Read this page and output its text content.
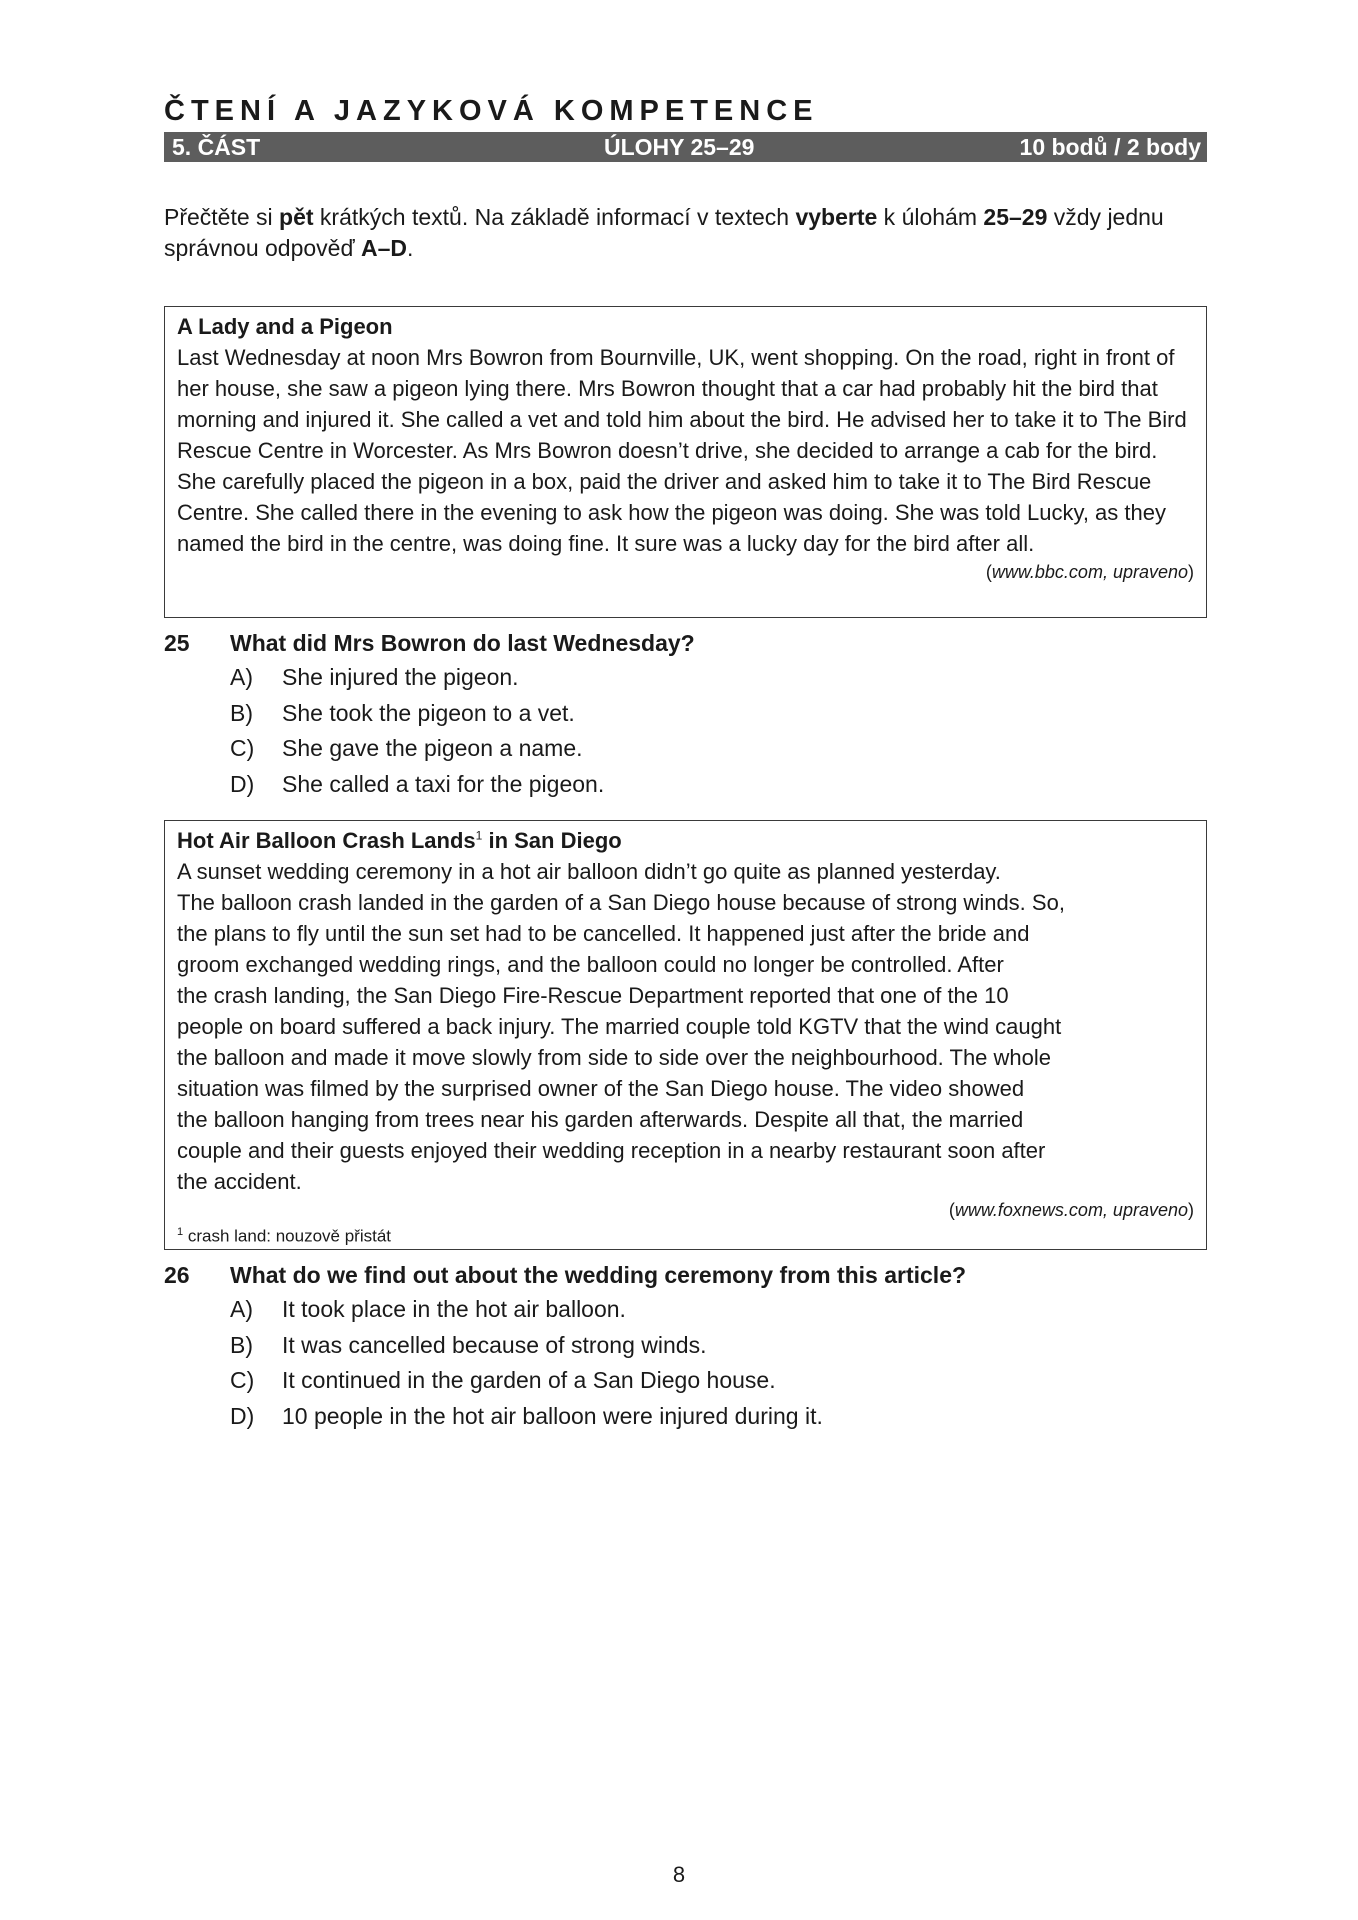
ČTENÍ A JAZYKOVÁ KOMPETENCE
5. ČÁST	ÚLOHY 25–29	10 bodů / 2 body

Přečtěte si pět krátkých textů. Na základě informací v textech vyberte k úlohám 25–29 vždy jednu správnou odpověď A–D.

A Lady and a Pigeon
Last Wednesday at noon Mrs Bowron from Bournville, UK, went shopping. On the road, right in front of her house, she saw a pigeon lying there. Mrs Bowron thought that a car had probably hit the bird that morning and injured it. She called a vet and told him about the bird. He advised her to take it to The Bird Rescue Centre in Worcester. As Mrs Bowron doesn’t drive, she decided to arrange a cab for the bird. She carefully placed the pigeon in a box, paid the driver and asked him to take it to The Bird Rescue Centre. She called there in the evening to ask how the pigeon was doing. She was told Lucky, as they named the bird in the centre, was doing fine. It sure was a lucky day for the bird after all.
(www.bbc.com, upraveno)
25	What did Mrs Bowron do last Wednesday?
A)	She injured the pigeon.
B)	She took the pigeon to a vet.
C)	She gave the pigeon a name.
D)	She called a taxi for the pigeon.
Hot Air Balloon Crash Lands$^1$ in San Diego
A sunset wedding ceremony in a hot air balloon didn’t go quite as planned yesterday.
The balloon crash landed in the garden of a San Diego house because of strong winds. So,
the plans to fly until the sun set had to be cancelled. It happened just after the bride and
groom exchanged wedding rings, and the balloon could no longer be controlled. After
the crash landing, the San Diego Fire-Rescue Department reported that one of the 10
people on board suffered a back injury. The married couple told KGTV that the wind caught
the balloon and made it move slowly from side to side over the neighbourhood. The whole
situation was filmed by the surprised owner of the San Diego house. The video showed
the balloon hanging from trees near his garden afterwards. Despite all that, the married
couple and their guests enjoyed their wedding reception in a nearby restaurant soon after
the accident.
(www.foxnews.com, upraveno)
$^1$ crash land: nouzově přistát
26	What do we find out about the wedding ceremony from this article?
A)	It took place in the hot air balloon.
B)	It was cancelled because of strong winds.
C)	It continued in the garden of a San Diego house.
D)	10 people in the hot air balloon were injured during it.
8
